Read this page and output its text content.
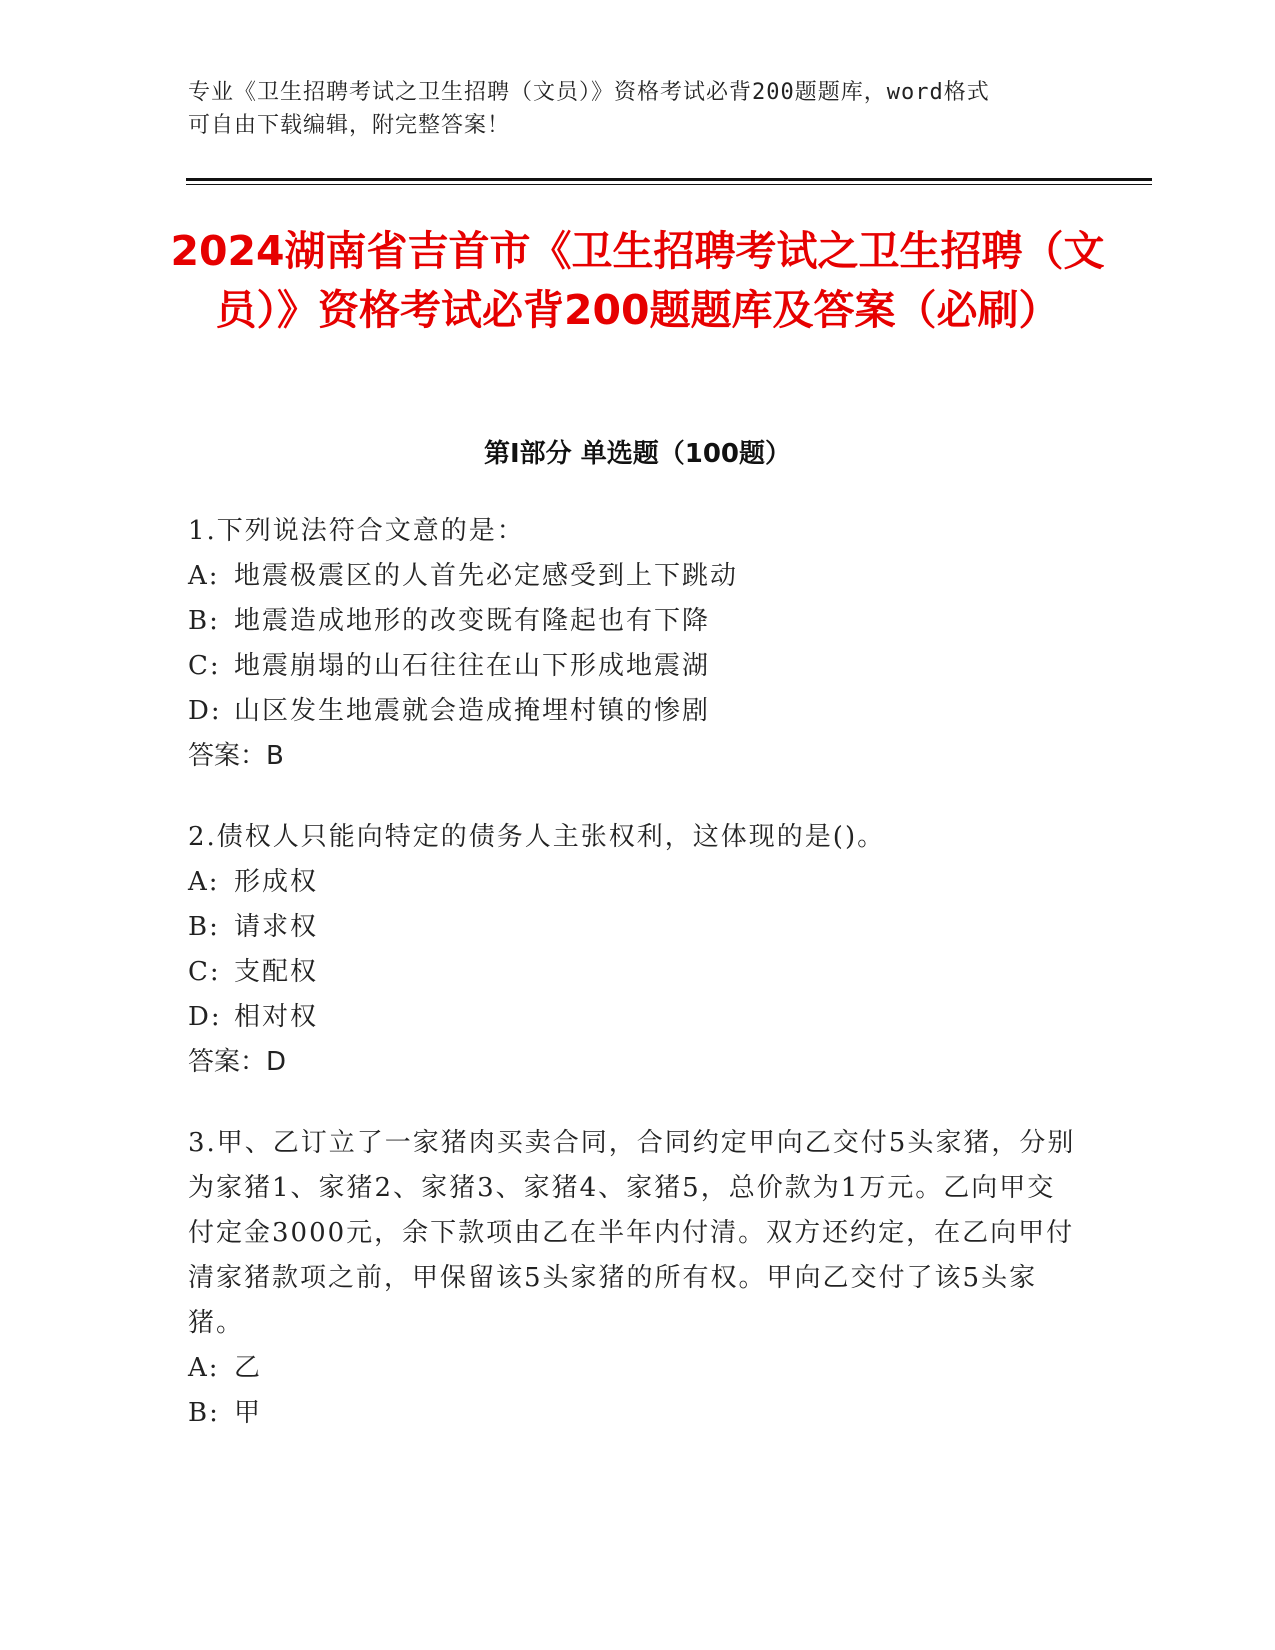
专业《卫生招聘考试之卫生招聘（文员）》资格考试必背200题题库，word格式
可自由下载编辑，附完整答案！
2024湖南省吉首市《卫生招聘考试之卫生招聘（文员）》资格考试必背200题题库及答案（必刷）
第I部分 单选题（100题）

1.下列说法符合文意的是：

A: 地震极震区的人首先必定感受到上下跳动
B: 地震造成地形的改变既有隆起也有下降
C: 地震崩塌的山石往往在山下形成地震湖
D: 山区发生地震就会造成掩埋村镇的惨剧

答案：B

2.债权人只能向特定的债务人主张权利，这体现的是()。

A: 形成权
B: 请求权
C: 支配权
D: 相对权

答案：D

3.甲、乙订立了一家猪肉买卖合同，合同约定甲向乙交付5头家猪，分别为家猪1、家猪2、家猪3、家猪4、家猪5，总价款为1万元。乙向甲交付定金3000元，余下款项由乙在半年内付清。双方还约定，在乙向甲付清家猪款项之前，甲保留该5头家猪的所有权。甲向乙交付了该5头家猪。

A: 乙
B: 甲
